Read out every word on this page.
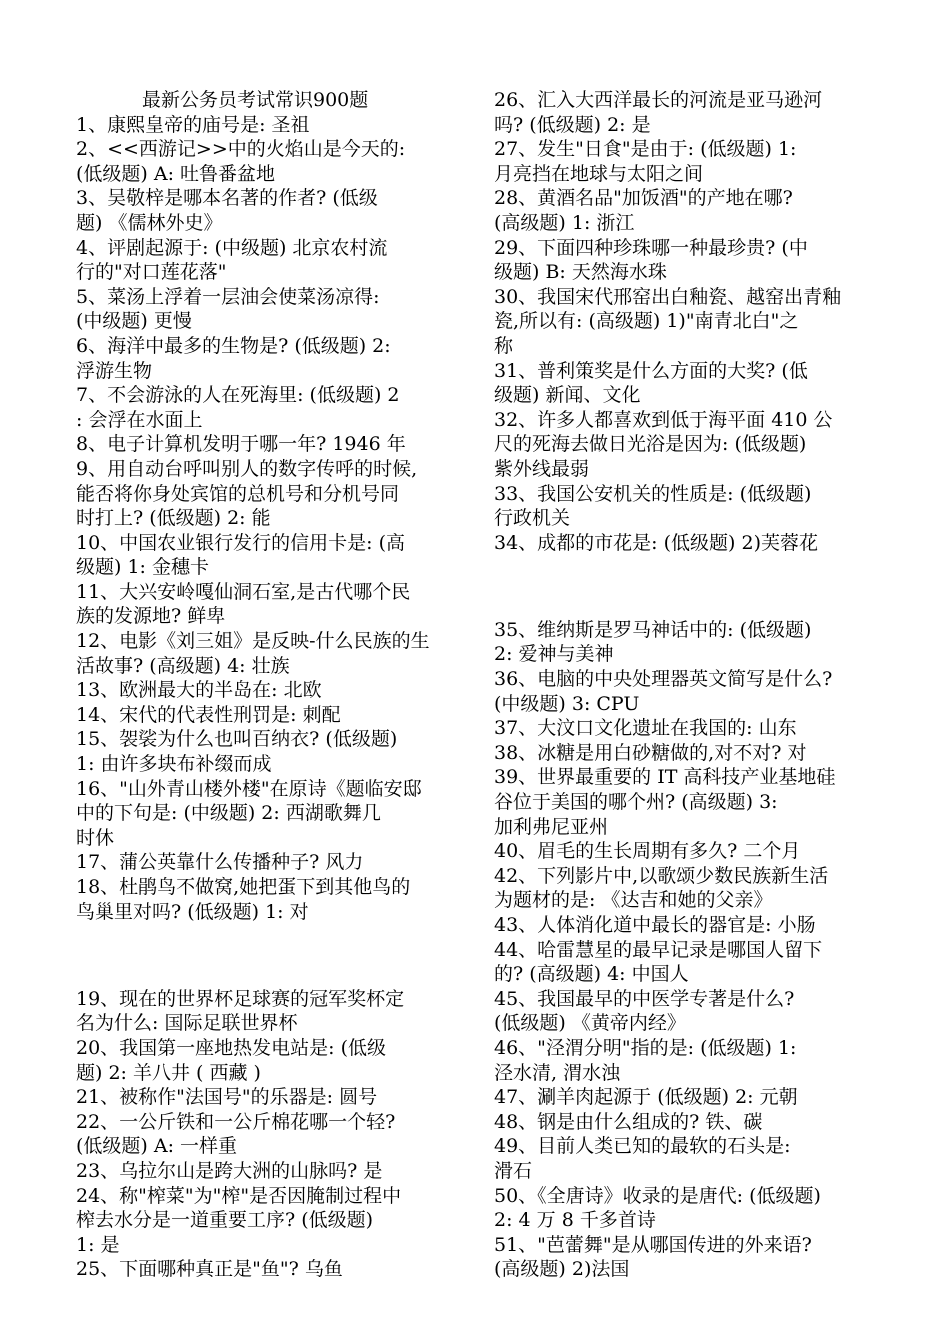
最新公务员考试常识900题

1、康熙皇帝的庙号是: 圣祖

2、<<西游记>>中的火焰山是今天的:

(低级题) A: 吐鲁番盆地

3、吴敬梓是哪本名著的作者? (低级

题) 《儒林外史》

4、评剧起源于: (中级题) 北京农村流

行的"对口莲花落"

5、菜汤上浮着一层油会使菜汤凉得:

(中级题) 更慢

6、海洋中最多的生物是? (低级题) 2:

浮游生物

7、不会游泳的人在死海里: (低级题) 2

: 会浮在水面上

8、电子计算机发明于哪一年? 1946 年

9、用自动台呼叫别人的数字传呼的时候,

能否将你身处宾馆的总机号和分机号同

时打上? (低级题) 2: 能

10、中国农业银行发行的信用卡是: (高

级题) 1: 金穗卡

11、大兴安岭嘎仙洞石室,是古代哪个民

族的发源地? 鲜卑

12、电影《刘三姐》是反映-什么民族的生

活故事? (高级题) 4: 壮族

13、欧洲最大的半岛在: 北欧

14、宋代的代表性刑罚是: 刺配

15、袈裟为什么也叫百纳衣? (低级题)

1: 由许多块布补缀而成

16、"山外青山楼外楼"在原诗《题临安邸

中的下句是: (中级题) 2: 西湖歌舞几

时休

17、蒲公英靠什么传播种子? 风力

18、杜鹃鸟不做窝,她把蛋下到其他鸟的

鸟巢里对吗? (低级题) 1: 对

19、现在的世界杯足球赛的冠军奖杯定

名为什么: 国际足联世界杯

20、我国第一座地热发电站是: (低级

题) 2: 羊八井 ( 西藏 )

21、被称作"法国号"的乐器是: 圆号

22、一公斤铁和一公斤棉花哪一个轻?

(低级题) A: 一样重

23、乌拉尔山是跨大洲的山脉吗? 是

24、称"榨菜"为"榨"是否因腌制过程中

榨去水分是一道重要工序? (低级题)

1: 是

25、下面哪种真正是"鱼"? 乌鱼

26、汇入大西洋最长的河流是亚马逊河

吗? (低级题) 2: 是

27、发生"日食"是由于: (低级题) 1:

月亮挡在地球与太阳之间

28、黄酒名品"加饭酒"的产地在哪?

(高级题) 1: 浙江

29、下面四种珍珠哪一种最珍贵? (中

级题) B: 天然海水珠

30、我国宋代邢窑出白釉瓷、越窑出青釉

瓷,所以有: (高级题) 1)"南青北白"之

称

31、普利策奖是什么方面的大奖? (低

级题) 新闻、文化

32、许多人都喜欢到低于海平面 410 公

尺的死海去做日光浴是因为: (低级题)

紫外线最弱

33、我国公安机关的性质是: (低级题)

行政机关

34、成都的市花是: (低级题) 2)芙蓉花

35、维纳斯是罗马神话中的: (低级题)

2: 爱神与美神

36、电脑的中央处理器英文简写是什么?

(中级题) 3: CPU

37、大汶口文化遗址在我国的: 山东

38、冰糖是用白砂糖做的,对不对? 对

39、世界最重要的 IT 高科技产业基地硅

谷位于美国的哪个州? (高级题) 3:

加利弗尼亚州

40、眉毛的生长周期有多久? 二个月

42、下列影片中,以歌颂少数民族新生活

为题材的是: 《达吉和她的父亲》

43、人体消化道中最长的器官是: 小肠

44、哈雷慧星的最早记录是哪国人留下

的? (高级题) 4: 中国人

45、我国最早的中医学专著是什么?

(低级题) 《黄帝内经》

46、"泾渭分明"指的是: (低级题) 1:

泾水清, 渭水浊

47、涮羊肉起源于 (低级题) 2: 元朝

48、钢是由什么组成的? 铁、碳

49、目前人类已知的最软的石头是:

滑石

50、《全唐诗》收录的是唐代: (低级题)

2: 4 万 8 千多首诗

51、"芭蕾舞"是从哪国传进的外来语?

(高级题) 2)法国
